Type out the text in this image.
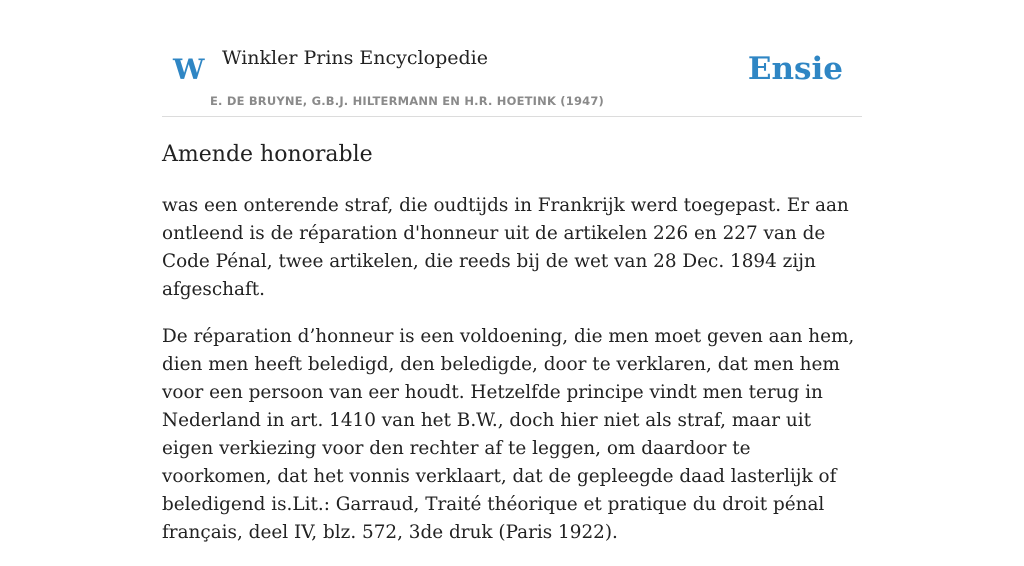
W Winkler Prins Encyclopedie
E. DE BRUYNE, G.B.J. HILTERMANN EN H.R. HOETINK (1947)
Ensie
Amende honorable

was een onterende straf, die oudtijds in Frankrijk werd toegepast. Er aan ontleend is de réparation d'honneur uit de artikelen 226 en 227 van de Code Pénal, twee artikelen, die reeds bij de wet van 28 Dec. 1894 zijn afgeschaft.

De réparation d’honneur is een voldoening, die men moet geven aan hem, dien men heeft beledigd, den beledigde, door te verklaren, dat men hem voor een persoon van eer houdt. Hetzelfde principe vindt men terug in Nederland in art. 1410 van het B.W., doch hier niet als straf, maar uit eigen verkiezing voor den rechter af te leggen, om daardoor te voorkomen, dat het vonnis verklaart, dat de gepleegde daad lasterlijk of beledigend is.Lit.: Garraud, Traité théorique et pratique du droit pénal français, deel IV, blz. 572, 3de druk (Paris 1922).
